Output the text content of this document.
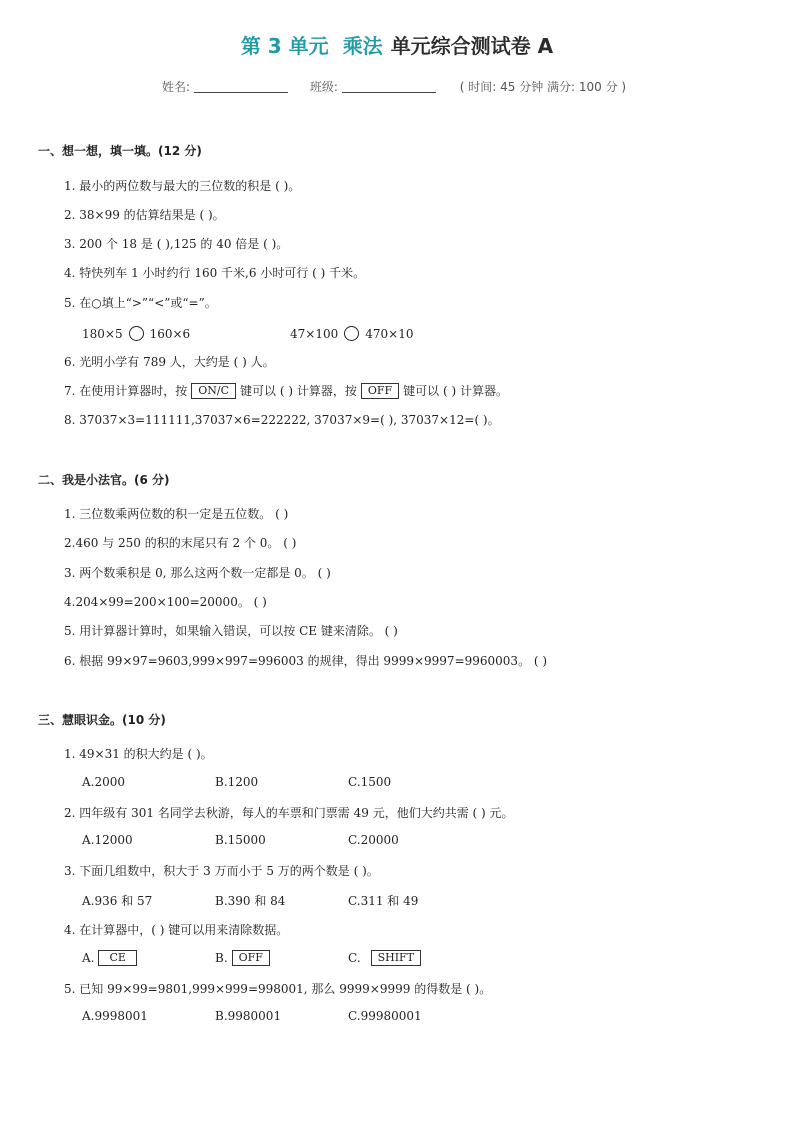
第 3 单元 乘法 单元综合测试卷 A
姓名:	班级:	( 时间: 45 分钟 满分: 100 分 )
一、想一想，填一填。(12 分)
1. 最小的两位数与最大的三位数的积是 ( )。
2. 38×99 的估算结果是 ( )。
3. 200 个 18 是 ( ),125 的 40 倍是 ( )。
4. 特快列车 1 小时约行 160 千米,6 小时可行 ( ) 千米。
5. 在○填上“>”“<”或“=”。
180×5 160×6	47×100 470×10
6. 光明小学有 789 人，大约是 ( ) 人。
7. 在使用计算器时，按 ON/C 键可以 ( ) 计算器，按 OFF 键可以 ( ) 计算器。
8. 37037×3=111111,37037×6=222222, 37037×9=( ), 37037×12=( )。
二、我是小法官。(6 分)
1. 三位数乘两位数的积一定是五位数。 ( )
2.460 与 250 的积的末尾只有 2 个 0。 ( )
3. 两个数乘积是 0, 那么这两个数一定都是 0。 ( )
4.204×99=200×100=20000。 ( )
5. 用计算器计算时，如果输入错误，可以按 CE 键来清除。 ( )
6. 根据 99×97=9603,999×997=996003 的规律，得出 9999×9997=9960003。 ( )
三、慧眼识金。(10 分)
1. 49×31 的积大约是 ( )。
A.2000	B.1200	C.1500
2. 四年级有 301 名同学去秋游，每人的车票和门票需 49 元，他们大约共需 ( ) 元。
A.12000	B.15000	C.20000
3. 下面几组数中，积大于 3 万而小于 5 万的两个数是 ( )。
A.936 和 57	B.390 和 84	C.311 和 49
4. 在计算器中，( ) 键可以用来清除数据。
A. CE	B. OFF	C. SHIFT
5. 已知 99×99=9801,999×999=998001, 那么 9999×9999 的得数是 ( )。
A.9998001	B.9980001	C.99980001
